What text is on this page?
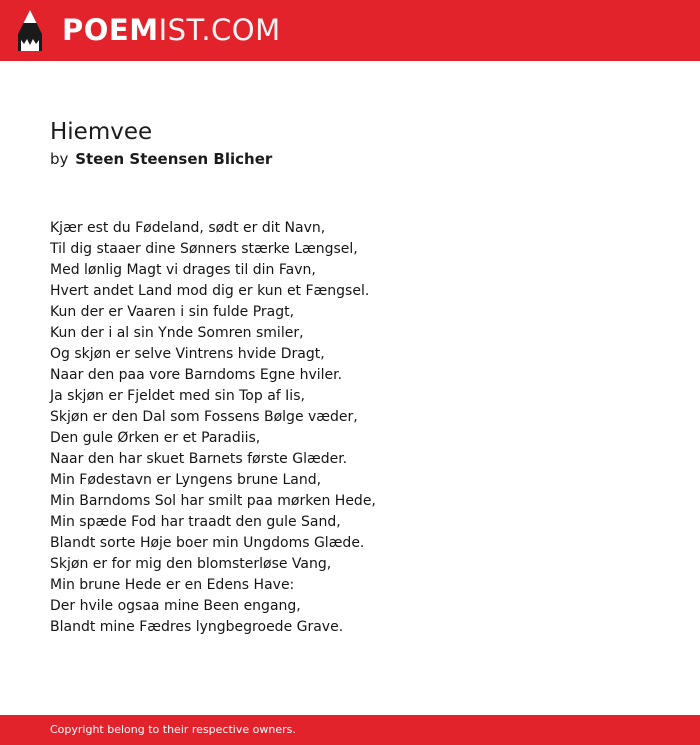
POEMIST.COM
Hiemvee
by Steen Steensen Blicher
Kjær est du Fødeland, sødt er dit Navn,
Til dig staaer dine Sønners stærke Længsel,
Med lønlig Magt vi drages til din Favn,
Hvert andet Land mod dig er kun et Fængsel.
Kun der er Vaaren i sin fulde Pragt,
Kun der i al sin Ynde Somren smiler,
Og skjøn er selve Vintrens hvide Dragt,
Naar den paa vore Barndoms Egne hviler.
Ja skjøn er Fjeldet med sin Top af Iis,
Skjøn er den Dal som Fossens Bølge væder,
Den gule Ørken er et Paradiis,
Naar den har skuet Barnets første Glæder.
Min Fødestavn er Lyngens brune Land,
Min Barndoms Sol har smilt paa mørken Hede,
Min spæde Fod har traadt den gule Sand,
Blandt sorte Høje boer min Ungdoms Glæde.
Skjøn er for mig den blomsterløse Vang,
Min brune Hede er en Edens Have:
Der hvile ogsaa mine Been engang,
Blandt mine Fædres lyngbegroede Grave.
Copyright belong to their respective owners.
